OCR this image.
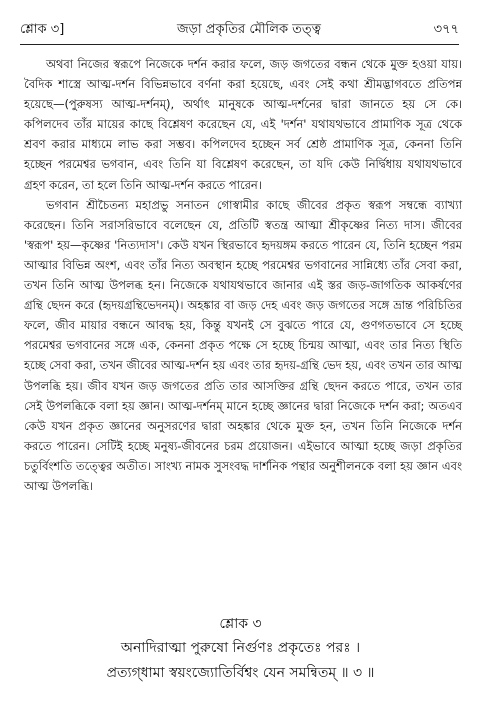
শ্লোক ৩]	জড়া প্রকৃতির মৌলিক তত্ত্ব	৩৭৭

অথবা নিজের স্বরূপে নিজেকে দর্শন করার ফলে, জড় জগতের বন্ধন থেকে মুক্ত হওয়া যায়। বৈদিক শাস্ত্রে আত্ম-দর্শন বিভিন্নভাবে বর্ণনা করা হয়েছে, এবং সেই কথা শ্রীমদ্ভাগবতে প্রতিপন্ন হয়েছে—(পুরুষস্য আত্ম-দর্শনম্), অর্থাৎ মানুষকে আত্ম-দর্শনের দ্বারা জানতে হয় সে কে। কপিলদেব তাঁর মায়ের কাছে বিশ্লেষণ করেছেন যে, এই 'দর্শন' যথাযথভাবে প্রামাণিক সূত্র থেকে শ্রবণ করার মাধ্যমে লাভ করা সম্ভব। কপিলদেব হচ্ছেন সর্ব শ্রেষ্ঠ প্রামাণিক সূত্র, কেননা তিনি হচ্ছেন পরমেশ্বর ভগবান, এবং তিনি যা বিশ্লেষণ করেছেন, তা যদি কেউ নির্দ্বিধায় যথাযথভাবে গ্রহণ করেন, তা হলে তিনি আত্ম-দর্শন করতে পারেন।

ভগবান শ্রীচৈতন্য মহাপ্রভু সনাতন গোস্বামীর কাছে জীবের প্রকৃত স্বরূপ সম্বন্ধে ব্যাখ্যা করেছেন। তিনি সরাসরিভাবে বলেছেন যে, প্রতিটি স্বতন্ত্র আত্মা শ্রীকৃষ্ণের নিত্য দাস। জীবের 'স্বরূপ' হয়—কৃষ্ণের 'নিত্যদাস'। কেউ যখন স্থিরভাবে হৃদয়ঙ্গম করতে পারেন যে, তিনি হচ্ছেন পরম আত্মার বিভিন্ন অংশ, এবং তাঁর নিত্য অবস্থান হচ্ছে পরমেশ্বর ভগবানের সান্নিধ্যে তাঁর সেবা করা, তখন তিনি আত্ম উপলব্ধ হন। নিজেকে যথাযথভাবে জানার এই স্তর জড়-জাগতিক আকর্ষণের গ্রন্থি ছেদন করে (হৃদয়গ্রন্থিভেদনম্)। অহঙ্কার বা জড় দেহ এবং জড় জগতের সঙ্গে ভ্রান্ত পরিচিতির ফলে, জীব মায়ার বন্ধনে আবদ্ধ হয়, কিন্তু যখনই সে বুঝতে পারে যে, গুণগতভাবে সে হচ্ছে পরমেশ্বর ভগবানের সঙ্গে এক, কেননা প্রকৃত পক্ষে সে হচ্ছে চিন্ময় আত্মা, এবং তার নিত্য স্থিতি হচ্ছে সেবা করা, তখন জীবের আত্ম-দর্শন হয় এবং তার হৃদয়-গ্রন্থি ভেদ হয়, এবং তখন তার আত্ম উপলব্ধি হয়। জীব যখন জড় জগতের প্রতি তার আসক্তির গ্রন্থি ছেদন করতে পারে, তখন তার সেই উপলব্ধিকে বলা হয় জ্ঞান। আত্ম-দর্শনম্ মানে হচ্ছে জ্ঞানের দ্বারা নিজেকে দর্শন করা; অতএব কেউ যখন প্রকৃত জ্ঞানের অনুসরণের দ্বারা অহঙ্কার থেকে মুক্ত হন, তখন তিনি নিজেকে দর্শন করতে পারেন। সেটিই হচ্ছে মনুষ্য-জীবনের চরম প্রয়োজন। এইভাবে আত্মা হচ্ছে জড়া প্রকৃতির চতুর্বিংশতি তত্ত্বের অতীত। সাংখ্য নামক সুসংবদ্ধ দার্শনিক পন্থার অনুশীলনকে বলা হয় জ্ঞান এবং আত্ম উপলব্ধি।

শ্লোক ৩
অনাদিরাত্মা পুরুষো নির্গুণঃ প্রকৃতেঃ পরঃ ।
প্রত্যগ্‌ধামা স্বয়ংজ্যোতির্বিশ্বং যেন সমন্বিতম্ ॥ ৩ ॥
